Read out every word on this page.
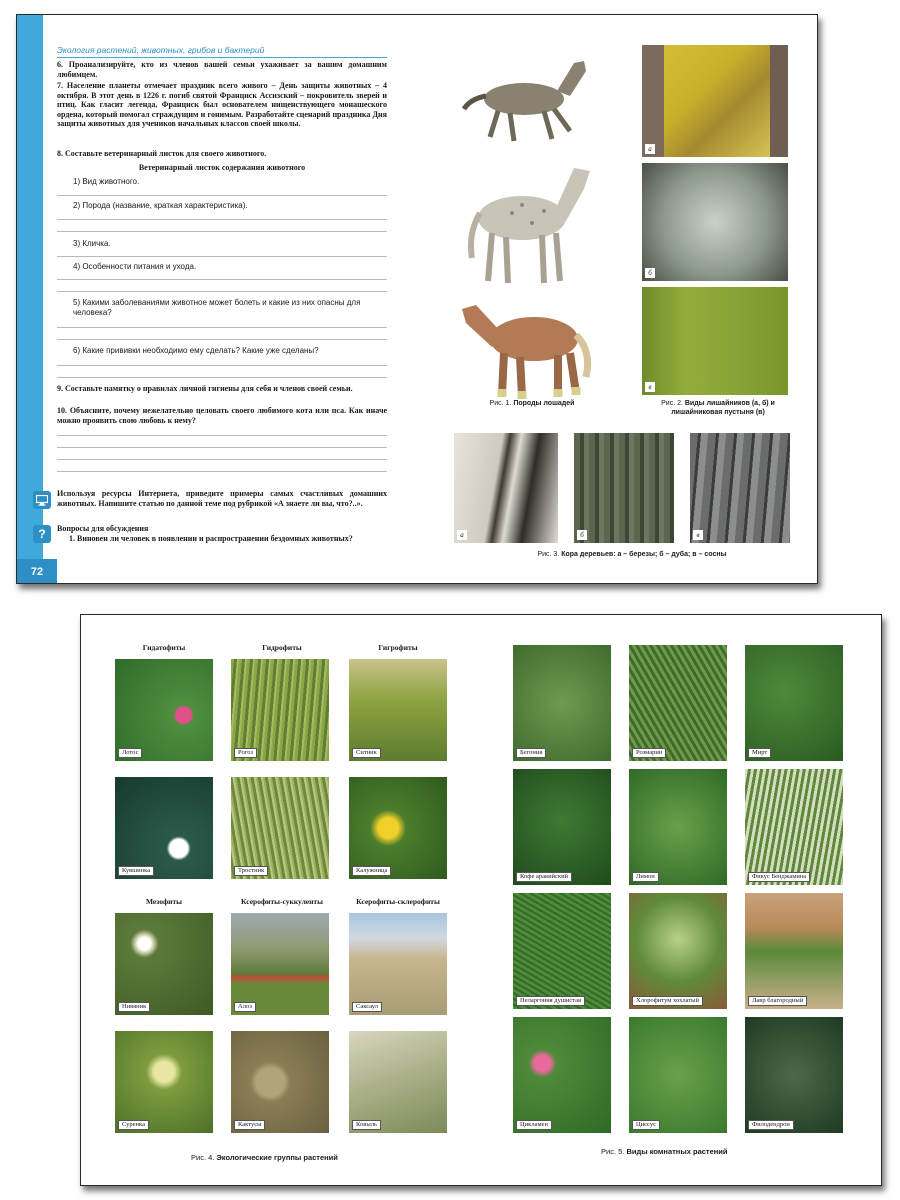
72
Экология растений, животных, грибов и бактерий
6. Проанализируйте, кто из членов вашей семьи ухаживает за вашим домашним любимцем.
7. Население планеты отмечает праздник всего живого – День защиты животных – 4 октября. В этот день в 1226 г. погиб святой Франциск Ассизский – покровитель зверей и птиц. Как гласит легенда, Франциск был основателем нищенствующего монашеского ордена, который помогал страждущим и гонимым. Разработайте сценарий праздника Дня защиты животных для учеников начальных классов своей школы.
8. Составьте ветеринарный листок для своего животного.
Ветеринарный листок содержания животного
1) Вид животного.
2) Порода (название, краткая характеристика).
3) Кличка.
4) Особенности питания и ухода.
5) Какими заболеваниями животное может болеть и какие из них опасны для человека?
6) Какие прививки необходимо ему сделать? Какие уже сделаны?
9. Составьте памятку о правилах личной гигиены для себя и членов своей семьи.
10. Объясните, почему нежелательно целовать своего любимого кота или пса. Как иначе можно проявить свою любовь к нему?
Используя ресурсы Интернета, приведите примеры самых счастливых домашних животных. Напишите статью по данной теме под рубрикой «А знаете ли вы, что?..».
?	Вопросы для обсуждения
1. Виновен ли человек в появлении и распространении бездомных животных?
Рис. 1. Породы лошадей
а
б
в
Рис. 2. Виды лишайников (а, б) и лишайниковая пустыня (в)
а	б	в
Рис. 3. Кора деревьев: а – березы; б – дуба; в – сосны
Гидатофиты	Гидрофиты	Гигрофиты
Мезофиты	Ксерофиты-суккуленты	Ксерофиты-склерофиты
Лотос
Кувшинка
Рогоз
Тростник
Ситник
Калужница
Нивяник
Суренка
Алоэ
Кактусы
Саксаул
Ковыль
Рис. 4. Экологические группы растений
Бегония	Розмарин	Мирт
Кофе аравийский	Лимон	Фикус Бенджамина
Пеларгония душистая	Хлорофитум хохлатый	Лавр благородный
Цикламен	Циссус	Филодендрон
Рис. 5. Виды комнатных растений
